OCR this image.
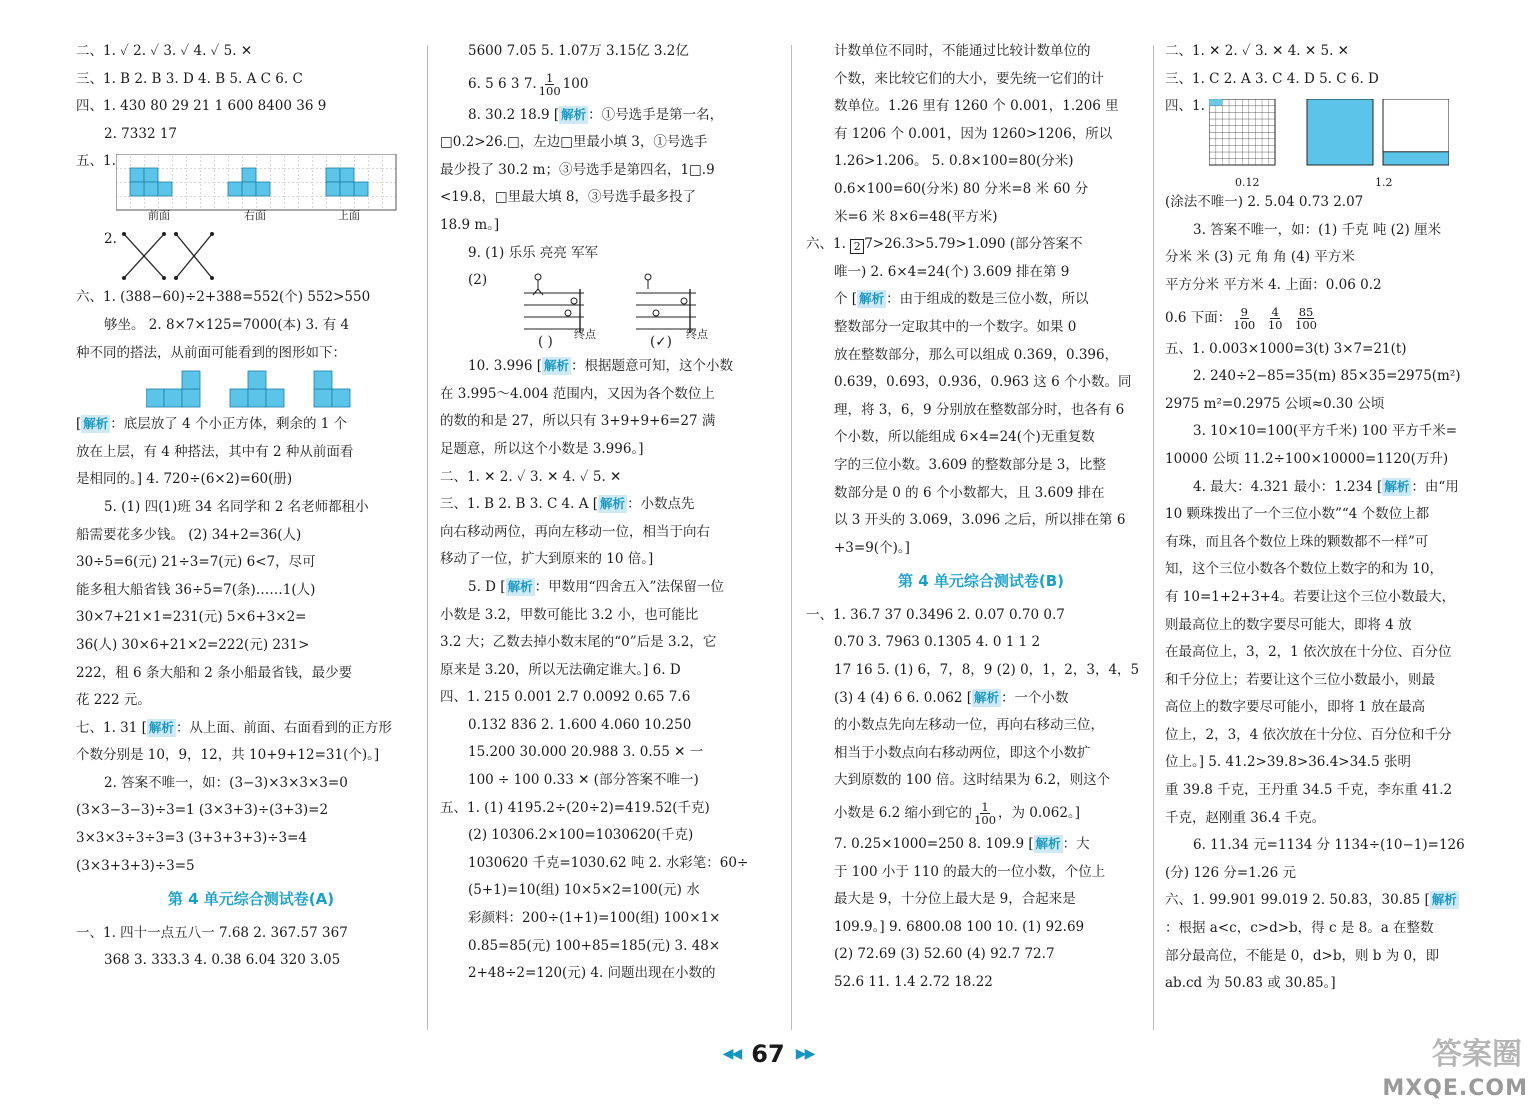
二、1. ✓ 2. ✓ 3. ✓ 4. ✓ 5. ✕
三、1. B 2. B 3. D 4. B 5. A C 6. C
四、1. 430 80 29 21 1 600 8400 36 9
2. 7332 17
五、1.
前面	右面	上面
2.
六、1. (388−60)÷2+388=552(个) 552>550
够坐。 2. 8×7×125=7000(本) 3. 有 4
种不同的搭法，从前面可能看到的图形如下：
[ 解析 ：底层放了 4 个小正方体，剩余的 1 个
放在上层，有 4 种搭法，其中有 2 种从前面看
是相同的。] 4. 720÷(6×2)=60(册)
5. (1) 四(1)班 34 名同学和 2 名老师都租小
船需要花多少钱。 (2) 34+2=36(人)
30÷5=6(元) 21÷3=7(元) 6<7，尽可
能多租大船省钱 36÷5=7(条)……1(人)
30×7+21×1=231(元) 5×6+3×2=
36(人) 30×6+21×2=222(元) 231>
222，租 6 条大船和 2 条小船最省钱，最少要
花 222 元。
七、1. 31 [ 解析 ：从上面、前面、右面看到的正方形
个数分别是 10，9，12，共 10+9+12=31(个)。]
2. 答案不唯一，如：(3−3)×3×3×3=0
(3×3−3−3)÷3=1 (3×3+3)÷(3+3)=2
3×3×3÷3÷3=3 (3+3+3+3)÷3=4
(3×3+3+3)÷3=5
第 4 单元综合测试卷(A)
一、1. 四十一点五八一 7.68 2. 367.57 367
368 3. 333.3 4. 0.38 6.04 320 3.05
5600 7.05 5. 1.07万 3.15亿 3.2亿
6. 5 6 3 7. $\frac{1}{100} 100$
8. 30.2 18.9 [ 解析 ：①号选手是第一名，
□0.2>26.□，左边□里最小填 3，①号选手
最少投了 30.2 m；③号选手是第四名，1□.9
<19.8，□里最大填 8，③号选手最多投了
18.9 m。]
9. (1) 乐乐 亮亮 军军
(2)
终点	终点
( )	(✓)
10. 3.996 [ 解析 ：根据题意可知，这个小数
在 3.995～4.004 范围内，又因为各个数位上
的数的和是 27，所以只有 3+9+9+6=27 满
足题意，所以这个小数是 3.996。]
二、1. ✕ 2. ✓ 3. ✕ 4. ✓ 5. ✕
三、1. B 2. B 3. C 4. A [ 解析 ：小数点先
向右移动两位，再向左移动一位，相当于向右
移动了一位，扩大到原来的 10 倍。]
5. D [ 解析 ：甲数用“四舍五入”法保留一位
小数是 3.2，甲数可能比 3.2 小，也可能比
3.2 大；乙数去掉小数末尾的“0”后是 3.2，它
原来是 3.20，所以无法确定谁大。] 6. D
四、1. 215 0.001 2.7 0.0092 0.65 7.6
0.132 836 2. 1.600 4.060 10.250
15.200 30.000 20.988 3. 0.55 ✕ 一
100 ÷ 100 0.33 ✕ (部分答案不唯一)
五、1. (1) 4195.2÷(20÷2)=419.52(千克)
(2) 10306.2×100=1030620(千克)
1030620 千克=1030.62 吨 2. 水彩笔：60÷
(5+1)=10(组) 10×5×2=100(元) 水
彩颜料：200÷(1+1)=100(组) 100×1×
0.85=85(元) 100+85=185(元) 3. 48×
2+48÷2=120(元) 4. 问题出现在小数的
计数单位不同时，不能通过比较计数单位的
个数，来比较它们的大小，要先统一它们的计
数单位。1.26 里有 1260 个 0.001，1.206 里
有 1206 个 0.001，因为 1260>1206，所以
1.26>1.206。 5. 0.8×100=80(分米)
0.6×100=60(分米) 80 分米=8 米 60 分
米=6 米 8×6=48(平方米)
六、1. 2 7>26.3>5.79>1.090 (部分答案不
唯一) 2. 6×4=24(个) 3.609 排在第 9
个 [ 解析 ：由于组成的数是三位小数，所以
整数部分一定取其中的一个数字。如果 0
放在整数部分，那么可以组成 0.369，0.396，
0.639，0.693，0.936，0.963 这 6 个小数。同
理，将 3，6，9 分别放在整数部分时，也各有 6
个小数，所以能组成 6×4=24(个)无重复数
字的三位小数。3.609 的整数部分是 3，比整
数部分是 0 的 6 个小数都大，且 3.609 排在
以 3 开头的 3.069，3.096 之后，所以排在第 6
+3=9(个)。]
第 4 单元综合测试卷(B)
一、1. 36.7 37 0.3496 2. 0.07 0.70 0.7
0.70 3. 7963 0.1305 4. 0 1 1 2
17 16 5. (1) 6，7，8，9 (2) 0，1，2，3，4，5
(3) 4 (4) 6 6. 0.062 [ 解析 ：一个小数
的小数点先向左移动一位，再向右移动三位，
相当于小数点向右移动两位，即这个小数扩
大到原数的 100 倍。这时结果为 6.2，则这个
小数是 6.2 缩小到它的 $\frac{1}{100}$ ，为 0.062。]
7. 0.25×1000=250 8. 109.9 [ 解析 ：大
于 100 小于 110 的最大的一位小数，个位上
最大是 9，十分位上最大是 9，合起来是
109.9。] 9. 6800.08 100 10. (1) 92.69
(2) 72.69 (3) 52.60 (4) 92.7 72.7
52.6 11. 1.4 2.72 18.22
二、1. ✕ 2. ✓ 3. ✕ 4. ✕ 5. ✕
三、1. C 2. A 3. C 4. D 5. C 6. D
四、1.
0.12	1.2
(涂法不唯一) 2. 5.04 0.73 2.07
3. 答案不唯一，如：(1) 千克 吨 (2) 厘米
分米 米 (3) 元 角 角 (4) 平方米
平方分米 平方米 4. 上面：0.06 0.2
0.6 下面： $\frac{9}{100}$
$\frac{4}{10}$
$\frac{85}{100}$
五、1. 0.003×1000=3(t) 3×7=21(t)
2. 240÷2−85=35(m) 85×35=2975(m²)
2975 m²=0.2975 公顷≈0.30 公顷
3. 10×10=100(平方千米) 100 平方千米=
10000 公顷 11.2÷100×10000=1120(万升)
4. 最大：4.321 最小：1.234 [ 解析 ：由“用
10 颗珠拨出了一个三位小数”“4 个数位上都
有珠，而且各个数位上珠的颗数都不一样”可
知，这个三位小数各个数位上数字的和为 10，
有 10=1+2+3+4。若要让这个三位小数最大，
则最高位上的数字要尽可能大，即将 4 放
在最高位上，3，2，1 依次放在十分位、百分位
和千分位上；若要让这个三位小数最小，则最
高位上的数字要尽可能小，即将 1 放在最高
位上，2，3，4 依次放在十分位、百分位和千分
位上。] 5. 41.2>39.8>36.4>34.5 张明
重 39.8 千克，王丹重 34.5 千克，李东重 41.2
千克，赵刚重 36.4 千克。
6. 11.34 元=1134 分 1134÷(10−1)=126
(分) 126 分=1.26 元
六、1. 99.901 99.019 2. 50.83，30.85 [ 解析
：根据 a<c，c>d>b，得 c 是 8。a 在整数
部分最高位，不能是 0，d>b，则 b 为 0，即
ab.cd 为 50.83 或 30.85。]
◀◀ 67 ▶▶	答案圈
MXQE.COM
